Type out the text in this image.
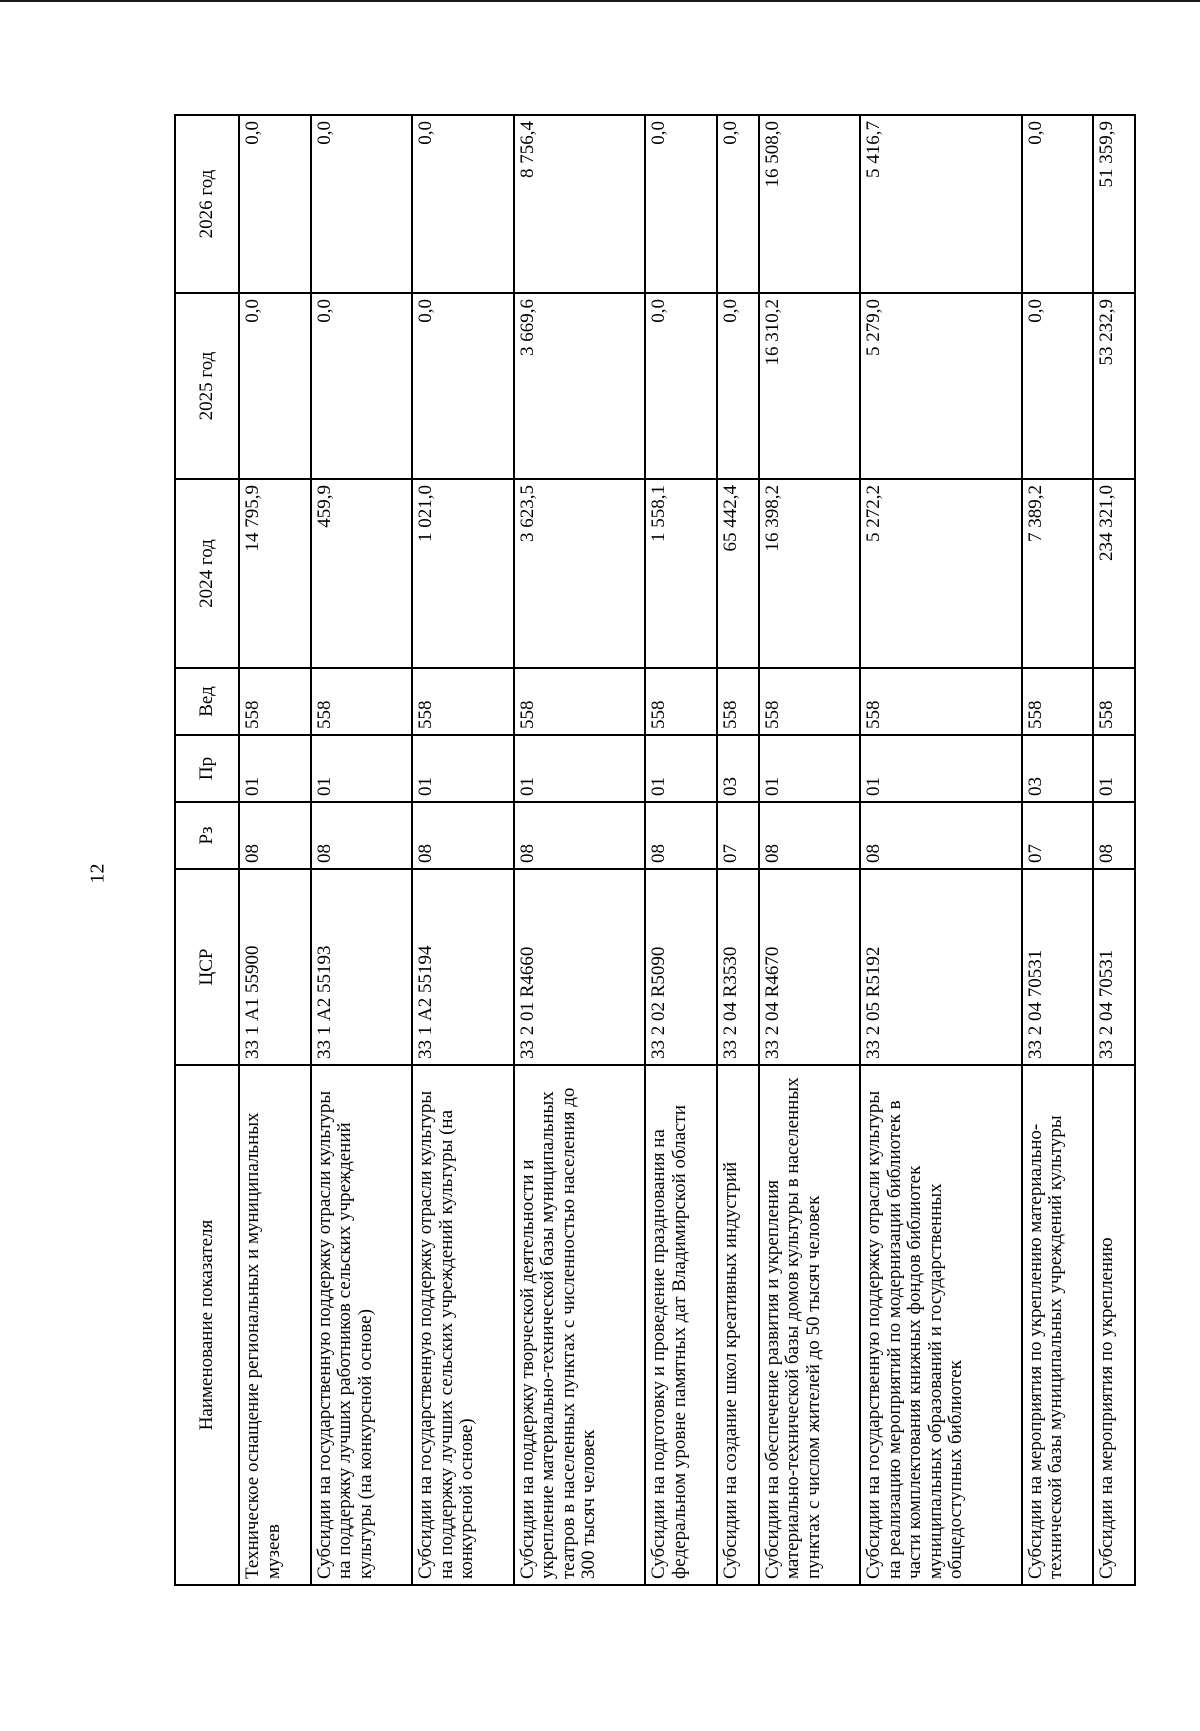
12
Наименование показателя	ЦСР	Рз	Пр	Вед	2024 год	2025 год	2026 год
Техническое оснащение региональных и муниципальных музеев	33 1 А1 55900	08	01	558	14 795,9	0,0	0,0
Субсидии на государственную поддержку отрасли культуры на поддержку лучших работников сельских учреждений культуры (на конкурсной основе)	33 1 А2 55193	08	01	558	459,9	0,0	0,0
Субсидии на государственную поддержку отрасли культуры на поддержку лучших сельских учреждений культуры (на конкурсной основе)	33 1 А2 55194	08	01	558	1 021,0	0,0	0,0
Субсидии на поддержку творческой деятельности и укрепление материально-технической базы муниципальных театров в населенных пунктах с численностью населения до 300 тысяч человек	33 2 01 R4660	08	01	558	3 623,5	3 669,6	8 756,4
Субсидии на подготовку и проведение празднования на федеральном уровне памятных дат Владимирской области	33 2 02 R5090	08	01	558	1 558,1	0,0	0,0
Субсидии на создание школ креативных индустрий	33 2 04 R3530	07	03	558	65 442,4	0,0	0,0
Субсидии на обеспечение развития и укрепления материально-технической базы домов культуры в населенных пунктах с числом жителей до 50 тысяч человек	33 2 04 R4670	08	01	558	16 398,2	16 310,2	16 508,0
Субсидии на государственную поддержку отрасли культуры на реализацию мероприятий по модернизации библиотек в части комплектования книжных фондов библиотек муниципальных образований и государственных общедоступных библиотек	33 2 05 R5192	08	01	558	5 272,2	5 279,0	5 416,7
Субсидии на мероприятия по укреплению материально-технической базы муниципальных учреждений культуры	33 2 04 70531	07	03	558	7 389,2	0,0	0,0
Субсидии на мероприятия по укреплению	33 2 04 70531	08	01	558	234 321,0	53 232,9	51 359,9
